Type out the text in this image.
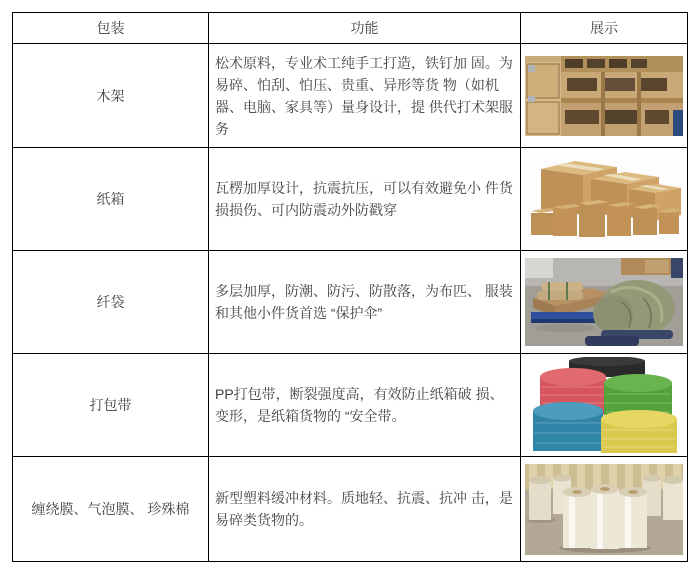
包装	功能	展示
木架	松术原料，专业术工纯手工打造，铁钉加 固。为易碎、怕刮、怕压、贵重、异形等货 物（如机器、电脑、家具等）量身设计，提 供代打术架服务	
纸箱	瓦楞加厚设计，抗震抗压，可以有效避免小 件货损损伤、可内防震动外防戳穿	
纤袋	多层加厚，防潮、防污、防散落，为布匹、 服装和其他小件货首选 “保护伞”	
打包带	PP打包带，断裂强度高，有效防止纸箱破 损、变形，是纸箱货物的 “安全带。	
缠绕膜、气泡膜、 珍殊棉	新型塑料缓冲材料。质地轻、抗震、抗冲 击，是易碎类货物的。	
